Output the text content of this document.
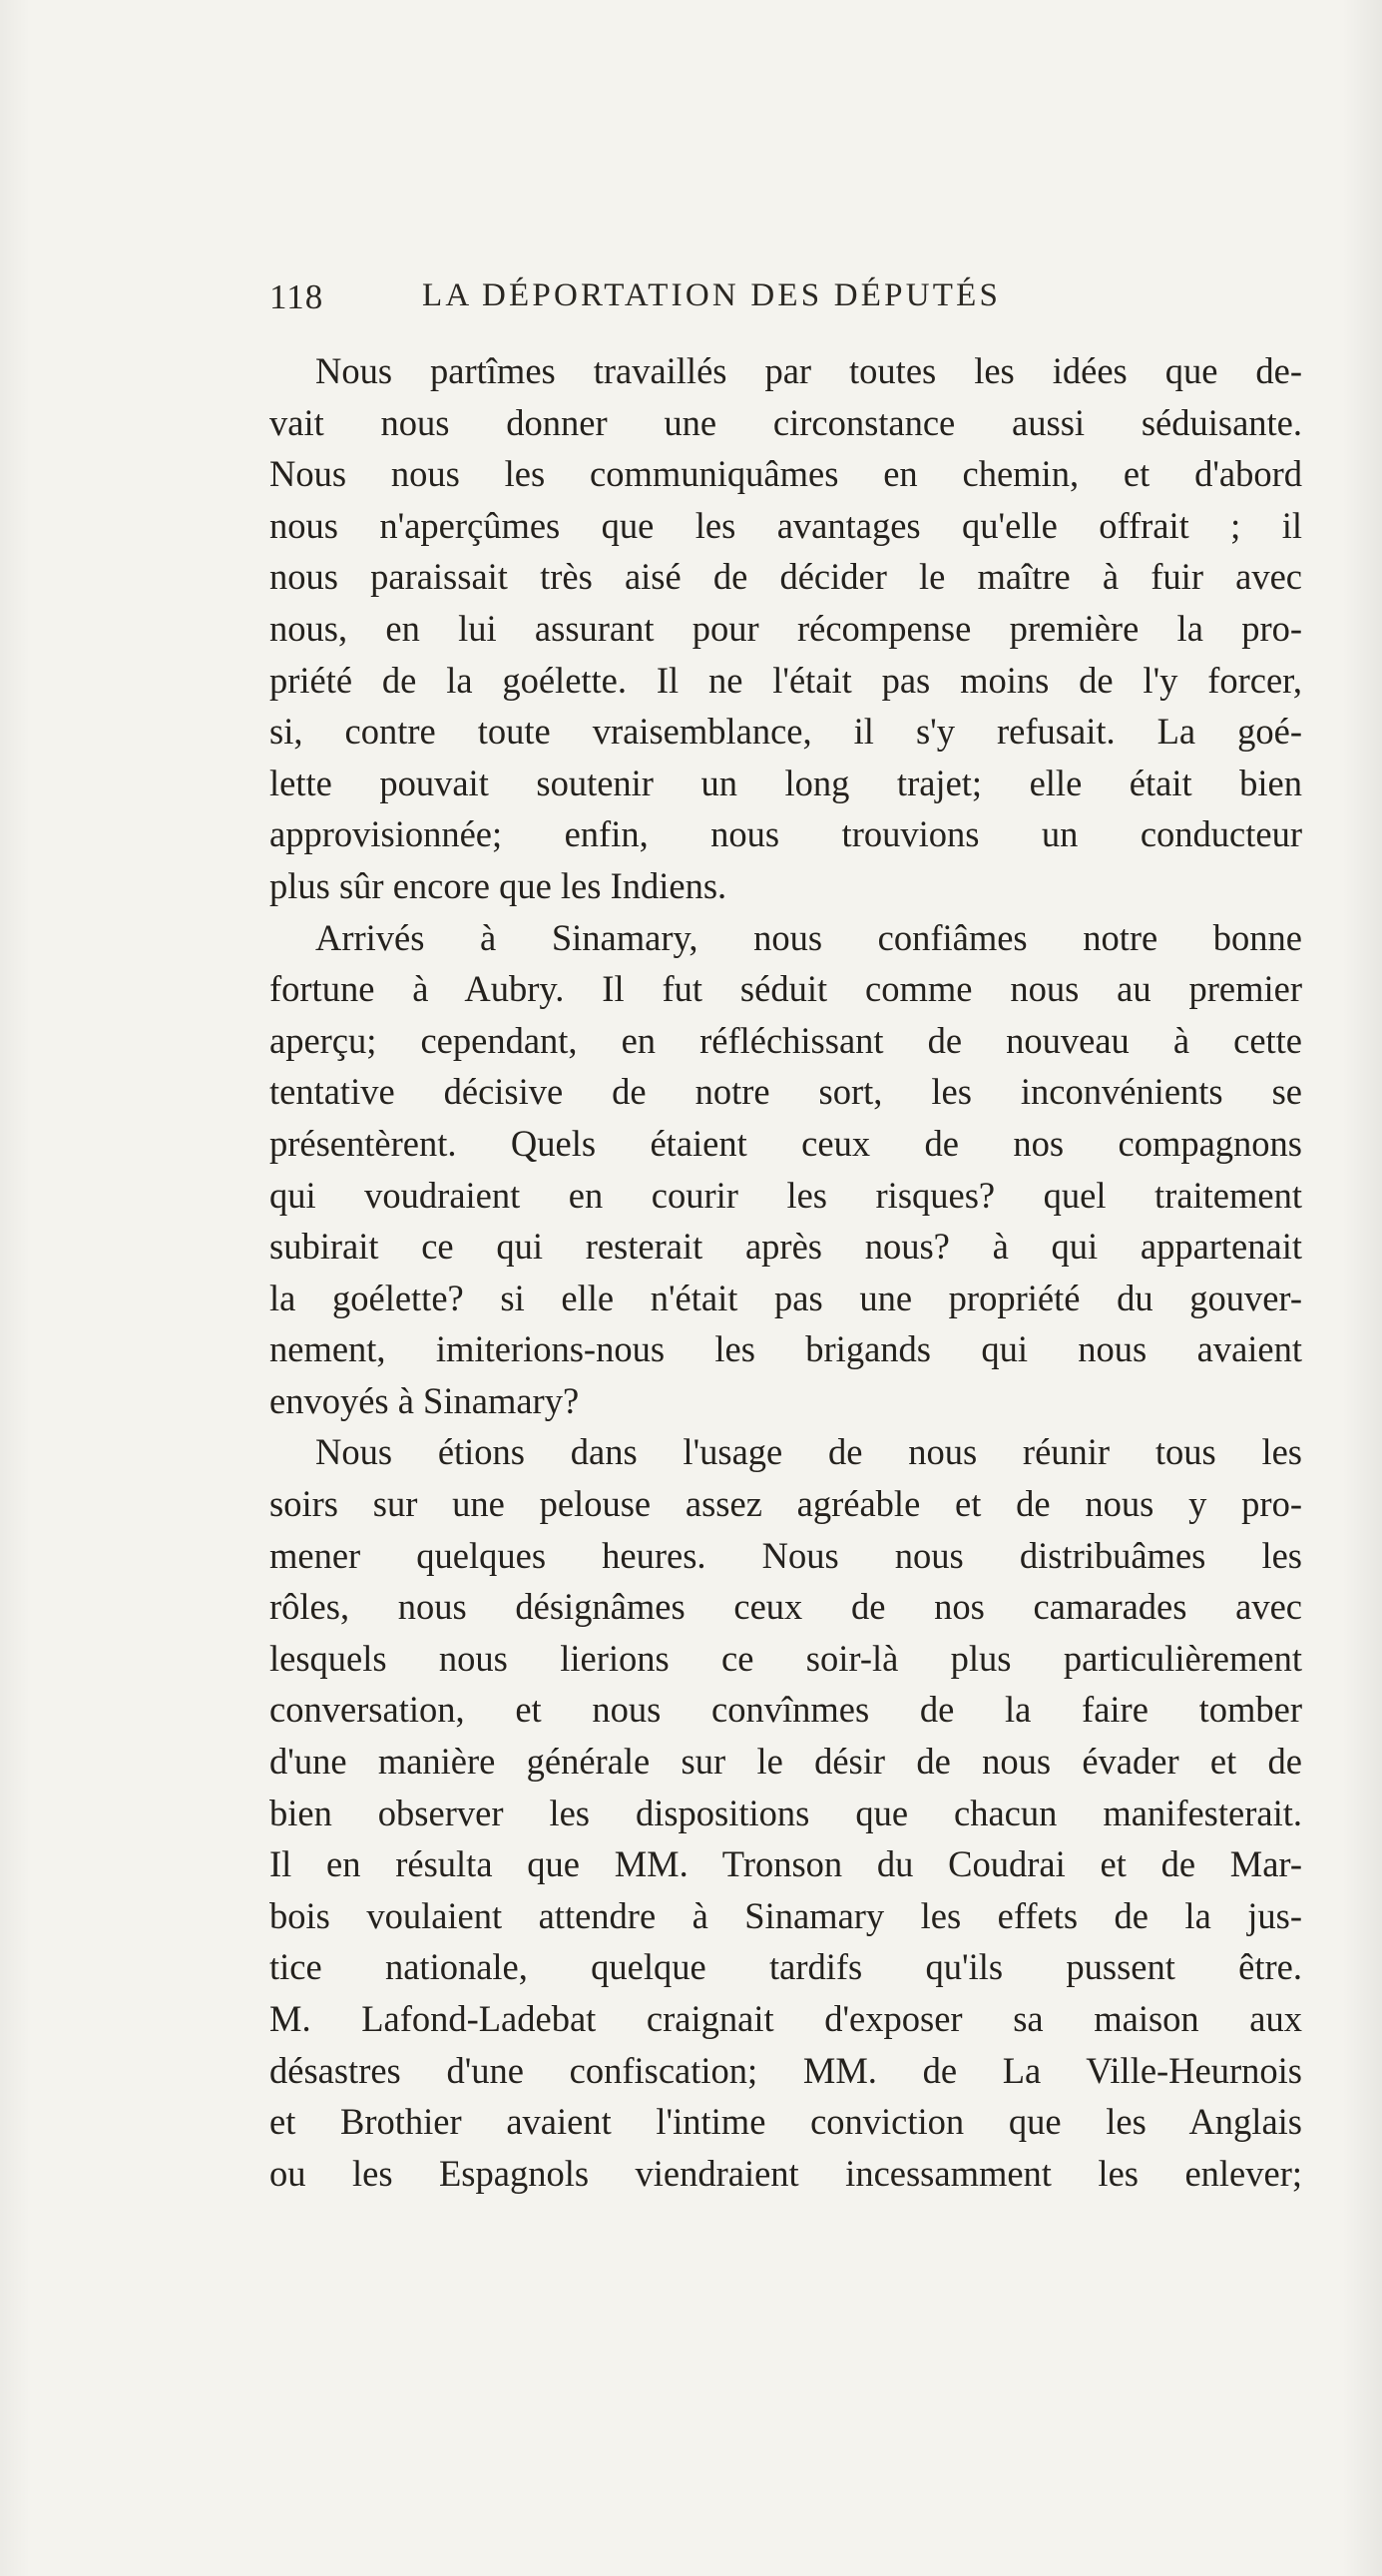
118	LA DÉPORTATION DES DÉPUTÉS
Nous partîmes travaillés par toutes les idées que de-
vait nous donner une circonstance aussi séduisante.
Nous nous les communiquâmes en chemin, et d'abord
nous n'aperçûmes que les avantages qu'elle offrait ; il
nous paraissait très aisé de décider le maître à fuir avec
nous, en lui assurant pour récompense première la pro-
priété de la goélette. Il ne l'était pas moins de l'y forcer,
si, contre toute vraisemblance, il s'y refusait. La goé-
lette pouvait soutenir un long trajet; elle était bien
approvisionnée; enfin, nous trouvions un conducteur
plus sûr encore que les Indiens.
Arrivés à Sinamary, nous confiâmes notre bonne
fortune à Aubry. Il fut séduit comme nous au premier
aperçu; cependant, en réfléchissant de nouveau à cette
tentative décisive de notre sort, les inconvénients se
présentèrent. Quels étaient ceux de nos compagnons
qui voudraient en courir les risques? quel traitement
subirait ce qui resterait après nous? à qui appartenait
la goélette? si elle n'était pas une propriété du gouver-
nement, imiterions-nous les brigands qui nous avaient
envoyés à Sinamary?
Nous étions dans l'usage de nous réunir tous les
soirs sur une pelouse assez agréable et de nous y pro-
mener quelques heures. Nous nous distribuâmes les
rôles, nous désignâmes ceux de nos camarades avec
lesquels nous lierions ce soir-là plus particulièrement
conversation, et nous convînmes de la faire tomber
d'une manière générale sur le désir de nous évader et de
bien observer les dispositions que chacun manifesterait.
Il en résulta que MM. Tronson du Coudrai et de Mar-
bois voulaient attendre à Sinamary les effets de la jus-
tice nationale, quelque tardifs qu'ils pussent être.
M. Lafond-Ladebat craignait d'exposer sa maison aux
désastres d'une confiscation; MM. de La Ville-Heurnois
et Brothier avaient l'intime conviction que les Anglais
ou les Espagnols viendraient incessamment les enlever;
